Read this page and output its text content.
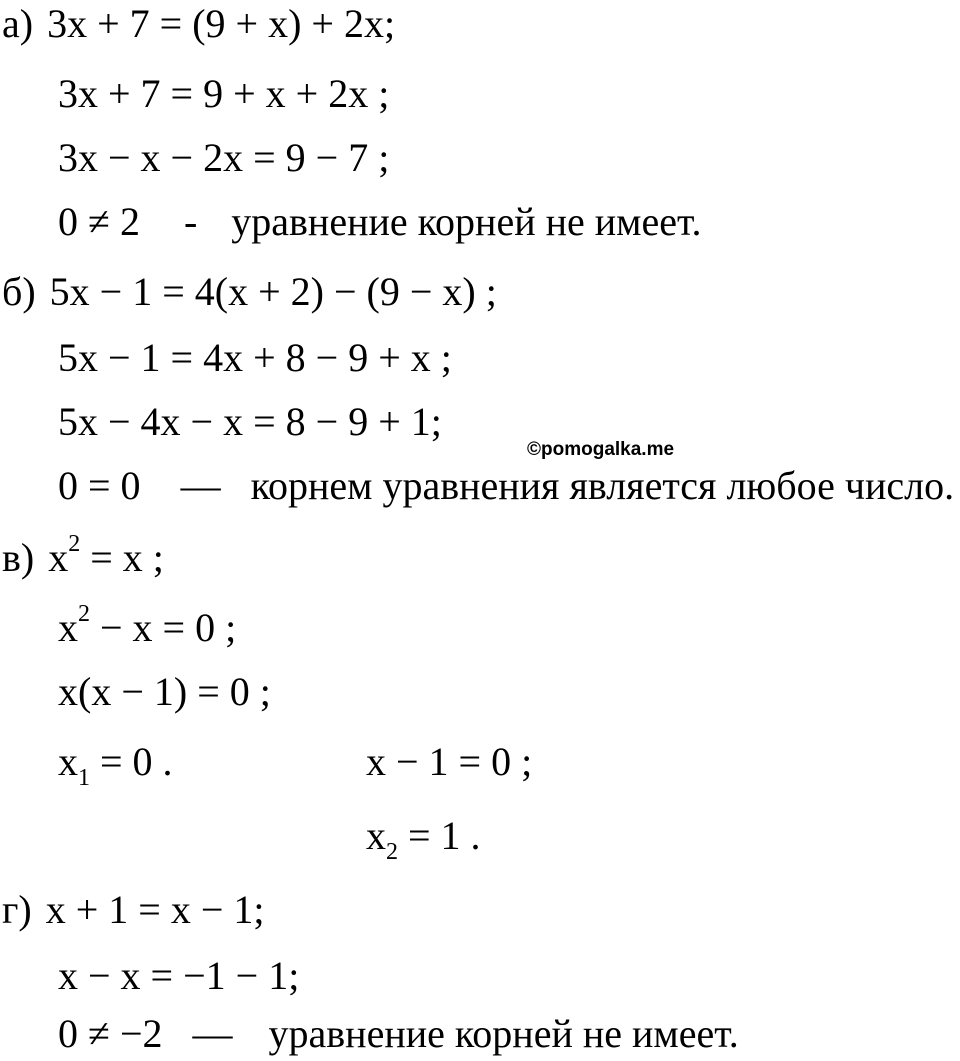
а) 3x + 7 = (9 + x) + 2x;
3x + 7 = 9 + x + 2x ;
3x − x − 2x = 9 − 7 ;
0 ≠ 2 - уравнение корней не имеет.
б) 5x − 1 = 4(x + 2) − (9 − x) ;
5x − 1 = 4x + 8 − 9 + x ;
5x − 4x − x = 8 − 9 + 1;
0 = 0 — корнем уравнения является любое число.
©pomogalka.me
в) $x^2 = x$ ;
$x^2 - x = 0$ ;
x(x − 1) = 0 ;
$x_1 = 0$ .	x − 1 = 0 ;
$x_2 = 1$ .
г) x + 1 = x − 1;
x − x = −1 − 1;
0 ≠ −2 — уравнение корней не имеет.
